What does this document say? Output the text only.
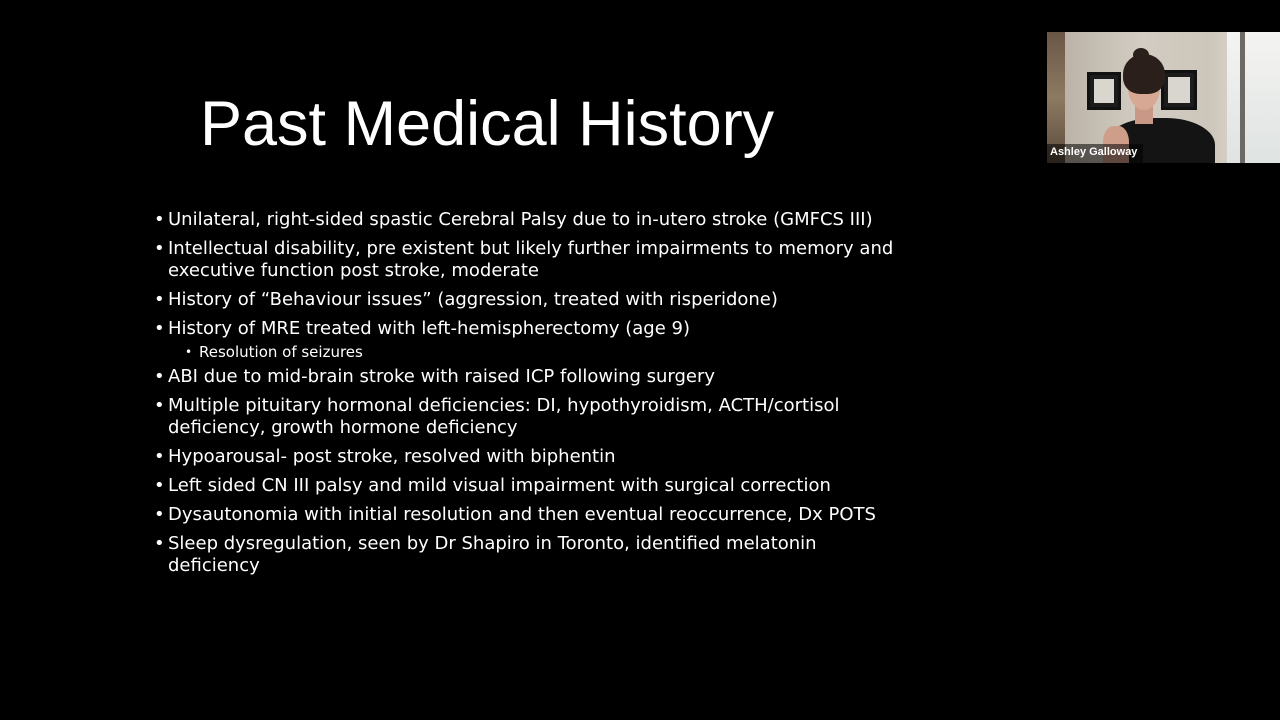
Past Medical History
• Unilateral, right-sided spastic Cerebral Palsy due to in-utero stroke (GMFCS III)
• Intellectual disability, pre existent but likely further impairments to memory and executive function post stroke, moderate
• History of “Behaviour issues” (aggression, treated with risperidone)
• History of MRE treated with left-hemispherectomy (age 9)
• Resolution of seizures
• ABI due to mid-brain stroke with raised ICP following surgery
• Multiple pituitary hormonal deficiencies: DI, hypothyroidism, ACTH/cortisol deficiency, growth hormone deficiency
• Hypoarousal- post stroke, resolved with biphentin
• Left sided CN III palsy and mild visual impairment with surgical correction
• Dysautonomia with initial resolution and then eventual reoccurrence, Dx POTS
• Sleep dysregulation, seen by Dr Shapiro in Toronto, identified melatonin deficiency
Ashley Galloway
